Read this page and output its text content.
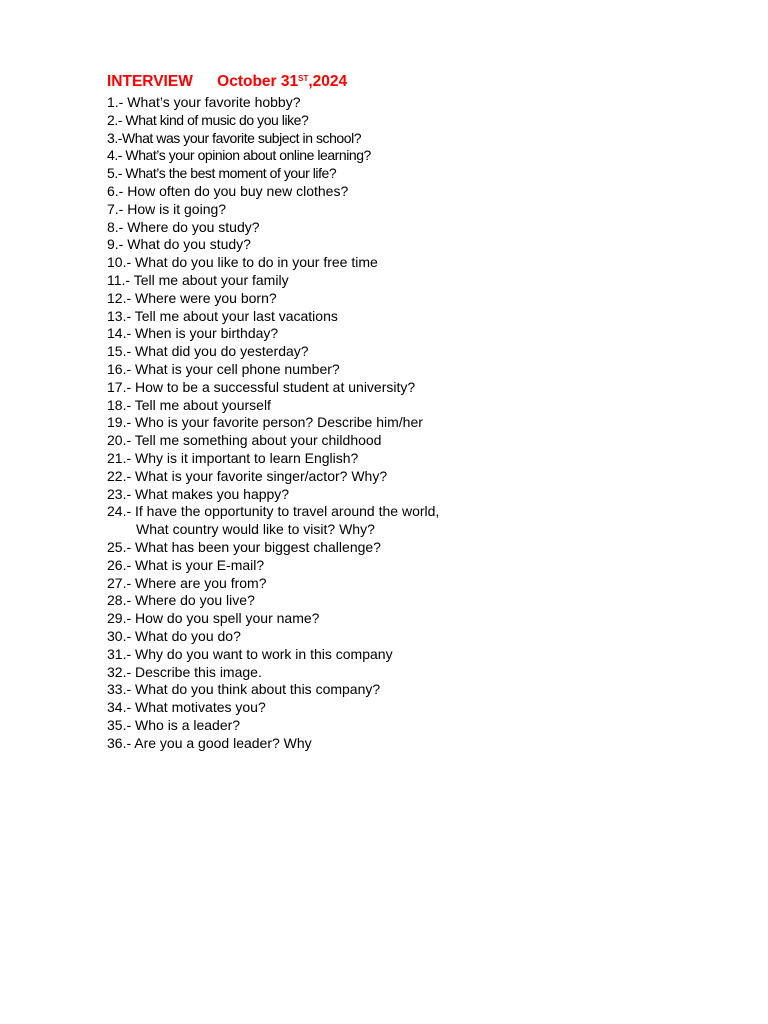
INTERVIEW October 31ST,2024
1.- What’s your favorite hobby?
2.- What kind of music do you like?
3.-What was your favorite subject in school?
4.- What’s your opinion about online learning?
5.- What’s the best moment of your life?
6.- How often do you buy new clothes?
7.- How is it going?
8.- Where do you study?
9.- What do you study?
10.- What do you like to do in your free time
11.- Tell me about your family
12.- Where were you born?
13.- Tell me about your last vacations
14.- When is your birthday?
15.- What did you do yesterday?
16.- What is your cell phone number?
17.- How to be a successful student at university?
18.- Tell me about yourself
19.- Who is your favorite person? Describe him/her
20.- Tell me something about your childhood
21.- Why is it important to learn English?
22.- What is your favorite singer/actor? Why?
23.- What makes you happy?
24.- If have the opportunity to travel around the world,
What country would like to visit? Why?
25.- What has been your biggest challenge?
26.- What is your E-mail?
27.- Where are you from?
28.- Where do you live?
29.- How do you spell your name?
30.- What do you do?
31.- Why do you want to work in this company
32.- Describe this image.
33.- What do you think about this company?
34.- What motivates you?
35.- Who is a leader?
36.- Are you a good leader? Why
